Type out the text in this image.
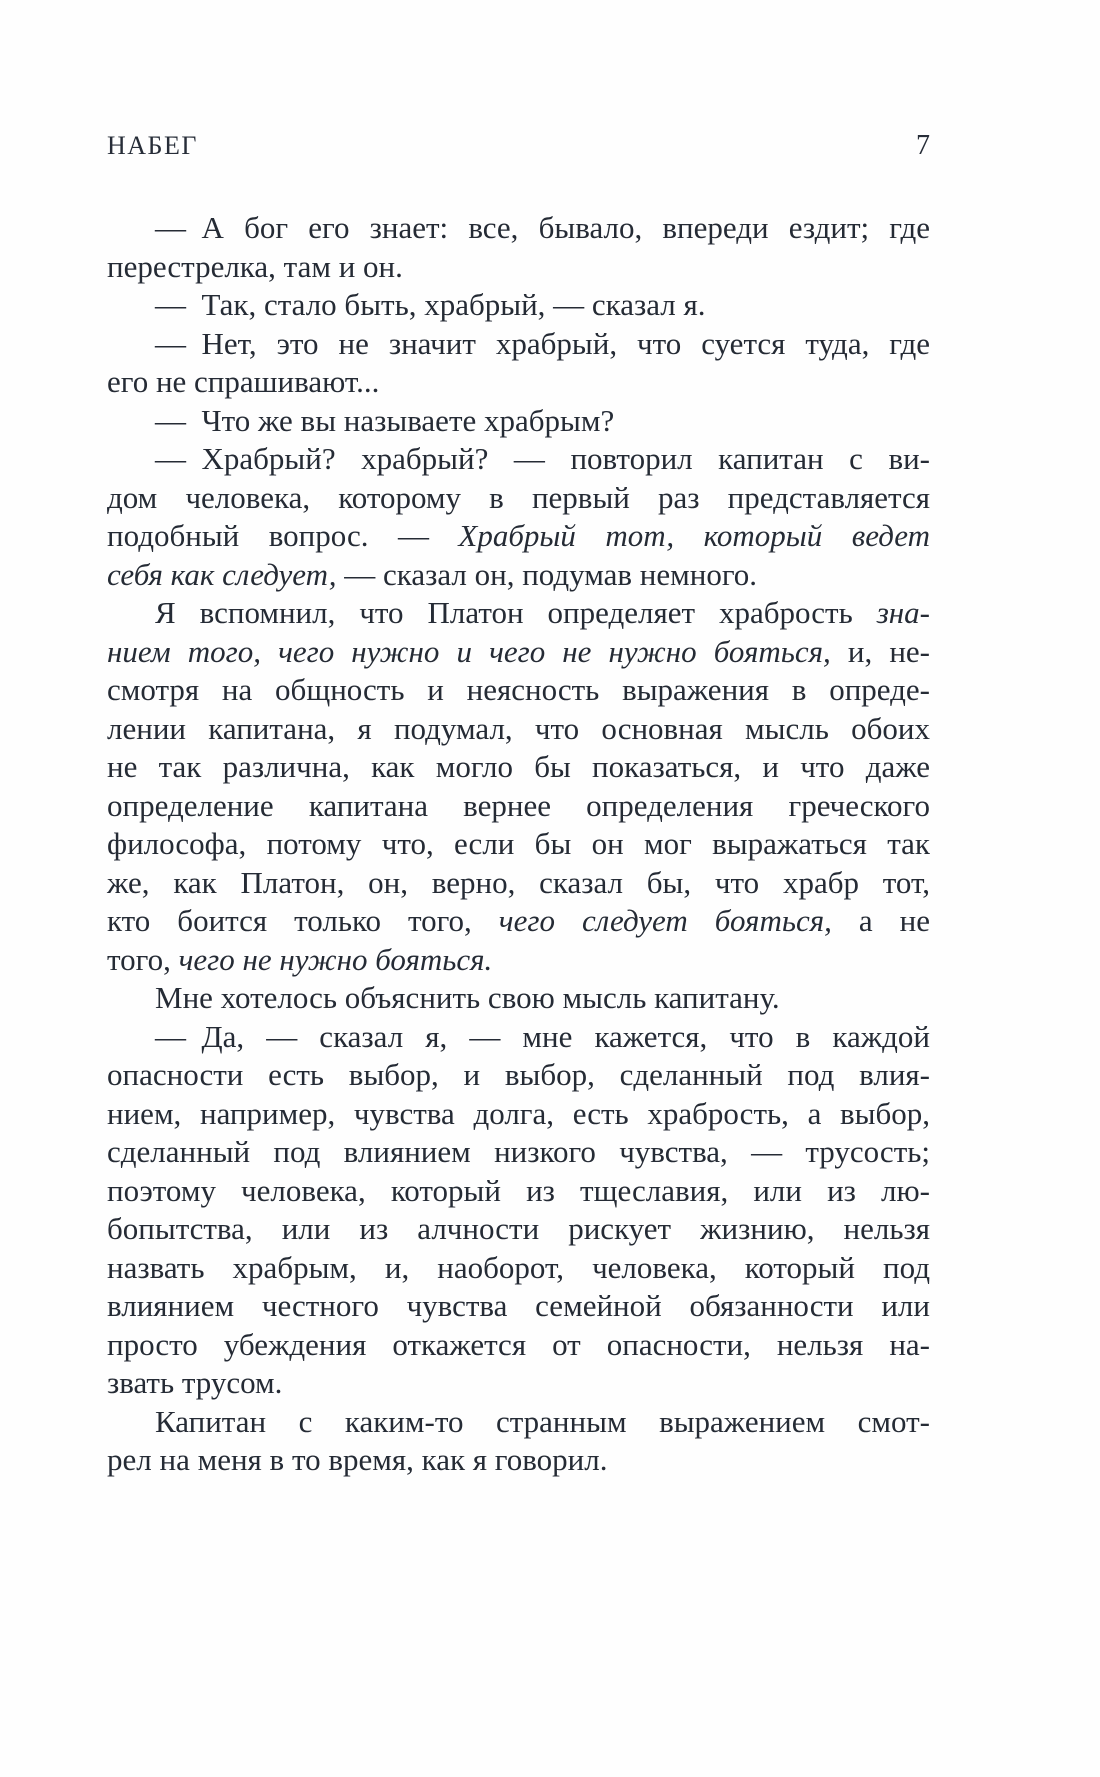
НАБЕГ	7

— А бог его знает: все, бывало, впереди ездит; где
перестрелка, там и он.

— Так, стало быть, храбрый, — сказал я.

— Нет, это не значит храбрый, что суется туда, где
его не спрашивают...

— Что же вы называете храбрым?

— Храбрый? храбрый? — повторил капитан с ви-
дом человека, которому в первый раз представляется
подобный вопрос. — Храбрый тот, который ведет
себя как следует, — сказал он, подумав немного.

Я вспомнил, что Платон определяет храбрость зна-
нием того, чего нужно и чего не нужно бояться, и, не-
смотря на общность и неясность выражения в опреде-
лении капитана, я подумал, что основная мысль обоих
не так различна, как могло бы показаться, и что даже
определение капитана вернее определения греческого
философа, потому что, если бы он мог выражаться так
же, как Платон, он, верно, сказал бы, что храбр тот,
кто боится только того, чего следует бояться, а не
того, чего не нужно бояться.

Мне хотелось объяснить свою мысль капитану.

— Да, — сказал я, — мне кажется, что в каждой
опасности есть выбор, и выбор, сделанный под влия-
нием, например, чувства долга, есть храбрость, а выбор,
сделанный под влиянием низкого чувства, — трусость;
поэтому человека, который из тщеславия, или из лю-
бопытства, или из алчности рискует жизнию, нельзя
назвать храбрым, и, наоборот, человека, который под
влиянием честного чувства семейной обязанности или
просто убеждения откажется от опасности, нельзя на-
звать трусом.

Капитан с каким-то странным выражением смот-
рел на меня в то время, как я говорил.
